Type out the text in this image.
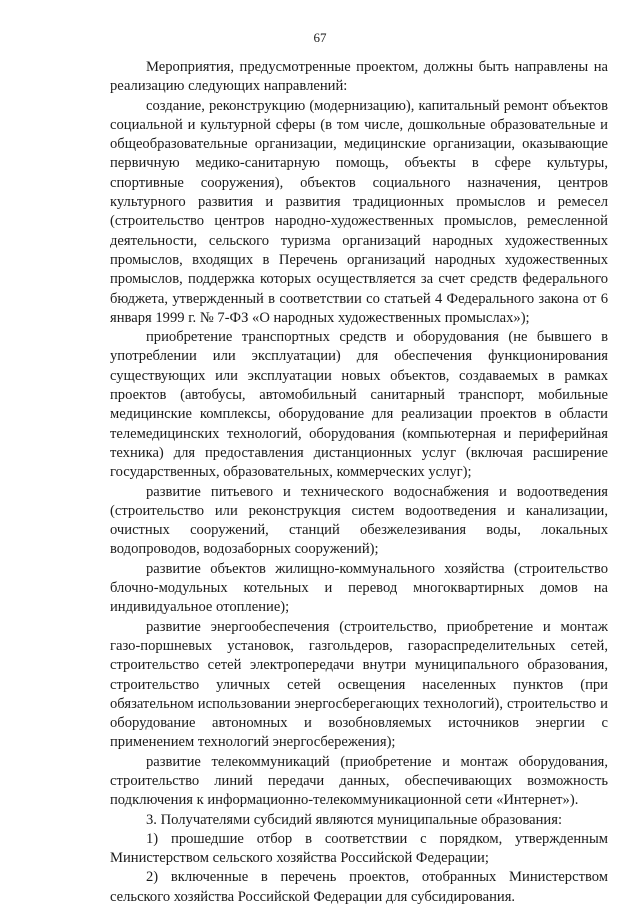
67

Мероприятия, предусмотренные проектом, должны быть направлены на реализацию следующих направлений:

создание, реконструкцию (модернизацию), капитальный ремонт объектов социальной и культурной сферы (в том числе, дошкольные образовательные и общеобразовательные организации, медицинские организации, оказывающие первичную медико-санитарную помощь, объекты в сфере культуры, спортивные сооружения), объектов социального назначения, центров культурного развития и развития традиционных промыслов и ремесел (строительство центров народно-художественных промыслов, ремесленной деятельности, сельского туризма организаций народных художественных промыслов, входящих в Перечень организаций народных художественных промыслов, поддержка которых осуществляется за счет средств федерального бюджета, утвержденный в соответствии со статьей 4 Федерального закона от 6 января 1999 г. № 7-ФЗ «О народных художественных промыслах»);

приобретение транспортных средств и оборудования (не бывшего в употреблении или эксплуатации) для обеспечения функционирования существующих или эксплуатации новых объектов, создаваемых в рамках проектов (автобусы, автомобильный санитарный транспорт, мобильные медицинские комплексы, оборудование для реализации проектов в области телемедицинских технологий, оборудования (компьютерная и периферийная техника) для предоставления дистанционных услуг (включая расширение государственных, образовательных, коммерческих услуг);

развитие питьевого и технического водоснабжения и водоотведения (строительство или реконструкция систем водоотведения и канализации, очистных сооружений, станций обезжелезивания воды, локальных водопроводов, водозаборных сооружений);

развитие объектов жилищно-коммунального хозяйства (строительство блочно-модульных котельных и перевод многоквартирных домов на индивидуальное отопление);

развитие энергообеспечения (строительство, приобретение и монтаж газо-поршневых установок, газгольдеров, газораспределительных сетей, строительство сетей электропередачи внутри муниципального образования, строительство уличных сетей освещения населенных пунктов (при обязательном использовании энергосберегающих технологий), строительство и оборудование автономных и возобновляемых источников энергии с применением технологий энергосбережения);

развитие телекоммуникаций (приобретение и монтаж оборудования, строительство линий передачи данных, обеспечивающих возможность подключения к информационно-телекоммуникационной сети «Интернет»).

3. Получателями субсидий являются муниципальные образования:

1) прошедшие отбор в соответствии с порядком, утвержденным Министерством сельского хозяйства Российской Федерации;

2) включенные в перечень проектов, отобранных Министерством сельского хозяйства Российской Федерации для субсидирования.
